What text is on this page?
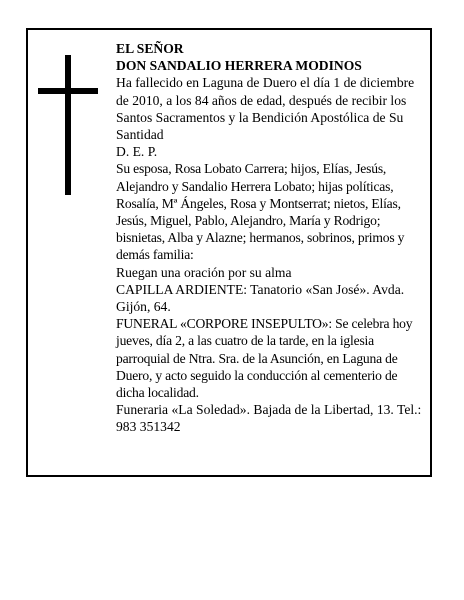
EL SEÑOR

DON SANDALIO HERRERA MODINOS

Ha fallecido en Laguna de Duero el día 1 de diciembre de 2010, a los 84 años de edad, después de recibir los Santos Sacramentos y la Bendición Apostólica de Su Santidad

D. E. P.

Su esposa, Rosa Lobato Carrera; hijos, Elías, Jesús, Alejandro y Sandalio Herrera Lobato; hijas políticas, Rosalía, Mª Ángeles, Rosa y Montserrat; nietos, Elías, Jesús, Miguel, Pablo, Alejandro, María y Rodrigo; bisnietas, Alba y Alazne; hermanos, sobrinos, primos y demás familia:

Ruegan una oración por su alma

CAPILLA ARDIENTE: Tanatorio «San José». Avda. Gijón, 64.

FUNERAL «CORPORE INSEPULTO»: Se celebra hoy jueves, día 2, a las cuatro de la tarde, en la iglesia parroquial de Ntra. Sra. de la Asunción, en Laguna de Duero, y acto seguido la conducción al cementerio de dicha localidad.

Funeraria «La Soledad». Bajada de la Libertad, 13. Tel.: 983 351342
